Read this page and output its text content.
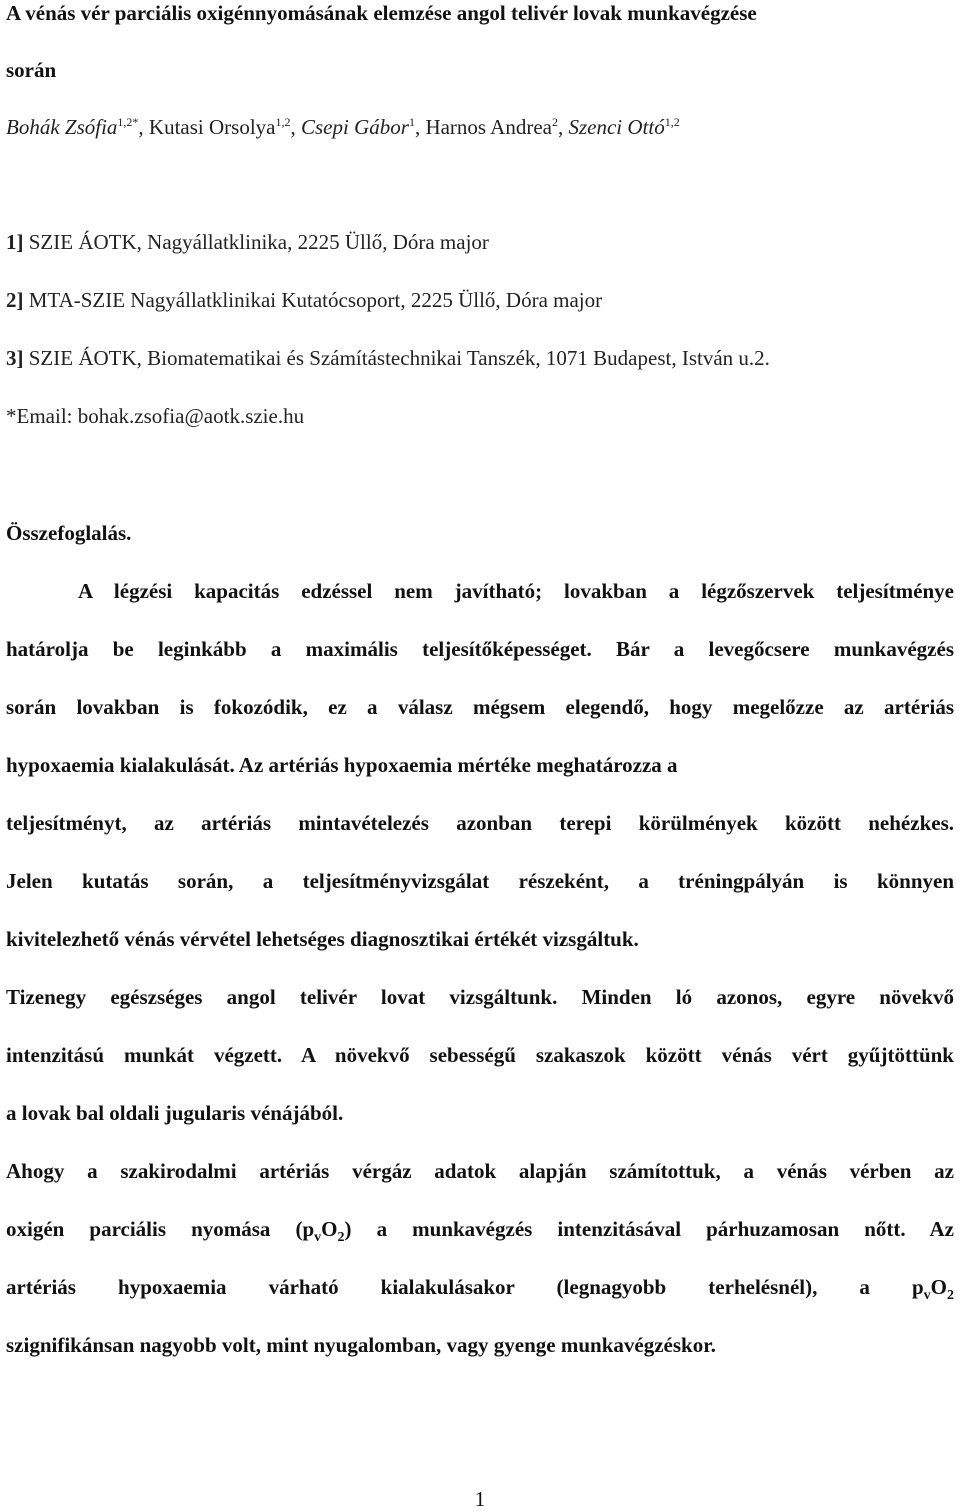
A vénás vér parciális oxigénnyomásának elemzése angol telivér lovak munkavégzése
során
Bohák Zsófia$^{1,2*}$, Kutasi Orsolya$^{1,2}$, Csepi Gábor$^1$, Harnos Andrea$^2$, Szenci Ottó$^{1,2}$
1] SZIE ÁOTK, Nagyállatklinika, 2225 Üllő, Dóra major
2] MTA-SZIE Nagyállatklinikai Kutatócsoport, 2225 Üllő, Dóra major
3] SZIE ÁOTK, Biomatematikai és Számítástechnikai Tanszék, 1071 Budapest, István u.2.
*Email: bohak.zsofia@aotk.szie.hu
Összefoglalás.
A légzési kapacitás edzéssel nem javítható; lovakban a légzőszervek teljesítménye
határolja be leginkább a maximális teljesítőképességet. Bár a levegőcsere munkavégzés
során lovakban is fokozódik, ez a válasz mégsem elegendő, hogy megelőzze az artériás
hypoxaemia kialakulását. Az artériás hypoxaemia mértéke meghatározza a
teljesítményt, az artériás mintavételezés azonban terepi körülmények között nehézkes.
Jelen kutatás során, a teljesítményvizsgálat részeként, a tréningpályán is könnyen
kivitelezhető vénás vérvétel lehetséges diagnosztikai értékét vizsgáltuk.
Tizenegy egészséges angol telivér lovat vizsgáltunk. Minden ló azonos, egyre növekvő
intenzitású munkát végzett. A növekvő sebességű szakaszok között vénás vért gyűjtöttünk
a lovak bal oldali jugularis vénájából.
Ahogy a szakirodalmi artériás vérgáz adatok alapján számítottuk, a vénás vérben az
oxigén parciális nyomása $(p_vO_2)$ a munkavégzés intenzitásával párhuzamosan nőtt. Az
artériás hypoxaemia várható kialakulásakor (legnagyobb terhelésnél), a $p_vO_2$
szignifikánsan nagyobb volt, mint nyugalomban, vagy gyenge munkavégzéskor.
1
